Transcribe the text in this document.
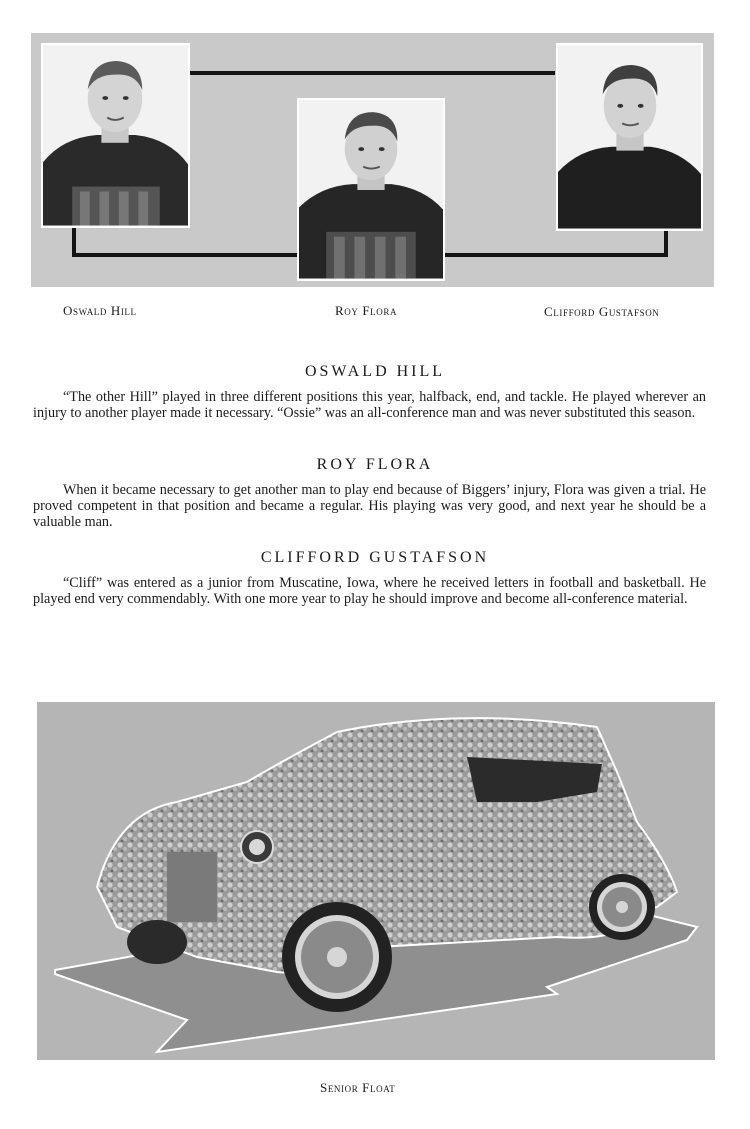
Oswald Hill	Roy Flora	Clifford Gustafson
OSWALD HILL

“The other Hill” played in three different positions this year, halfback, end, and tackle. He played wherever an injury to another player made it necessary. “Ossie” was an all-conference man and was never substituted this season.

ROY FLORA

When it became necessary to get another man to play end because of Biggers’ injury, Flora was given a trial. He proved competent in that position and became a regular. His playing was very good, and next year he should be a valuable man.

CLIFFORD GUSTAFSON

“Cliff” was entered as a junior from Muscatine, Iowa, where he received letters in football and basketball. He played end very commendably. With one more year to play he should improve and become all-conference material.

Senior Float
